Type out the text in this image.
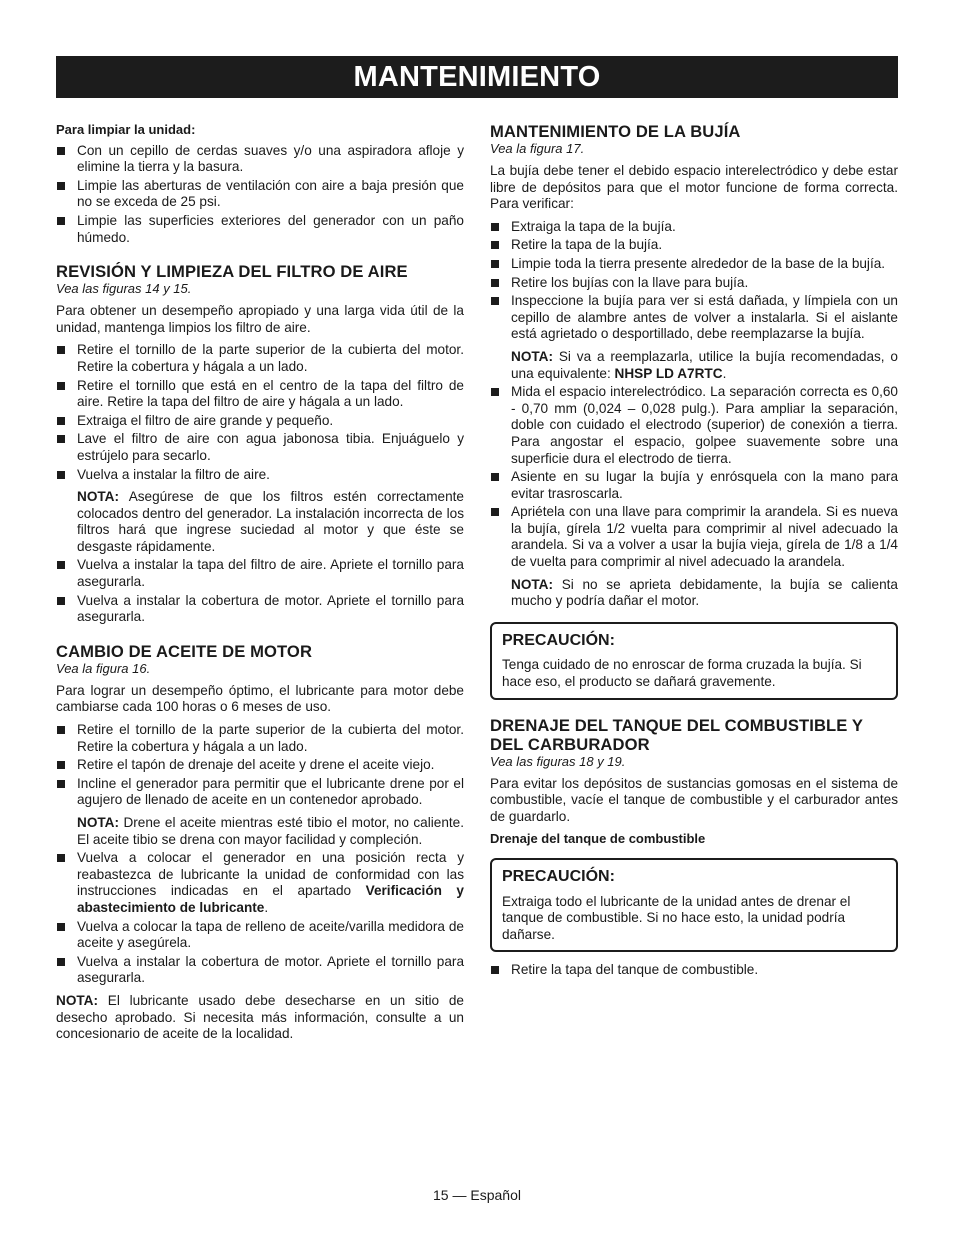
MANTENIMIENTO

Para limpiar la unidad:

Con un cepillo de cerdas suaves y/o una aspiradora afloje y elimine la tierra y la basura.
Limpie las aberturas de ventilación con aire a baja presión que no se exceda de 25 psi.
Limpie las superficies exteriores del generador con un paño húmedo.
REVISIÓN Y LIMPIEZA DEL FILTRO DE AIRE

Vea las figuras 14 y 15.

Para obtener un desempeño apropiado y una larga vida útil de la unidad, mantenga limpios los filtro de aire.

Retire el tornillo de la parte superior de la cubierta del motor. Retire la cobertura y hágala a un lado.
Retire el tornillo que está en el centro de la tapa del filtro de aire. Retire la tapa del filtro de aire y hágala a un lado.
Extraiga el filtro de aire grande y pequeño.
Lave el filtro de aire con agua jabonosa tibia. Enjuáguelo y estrújelo para secarlo.
Vuelva a instalar la filtro de aire.
NOTA: Asegúrese de que los filtros estén correctamente colocados dentro del generador. La instalación incorrecta de los filtros hará que ingrese suciedad al motor y que éste se desgaste rápidamente.
Vuelva a instalar la tapa del filtro de aire. Apriete el tornillo para asegurarla.
Vuelva a instalar la cobertura de motor. Apriete el tornillo para asegurarla.
CAMBIO DE ACEITE DE MOTOR

Vea la figura 16.

Para lograr un desempeño óptimo, el lubricante para motor debe cambiarse cada 100 horas o 6 meses de uso.

Retire el tornillo de la parte superior de la cubierta del motor. Retire la cobertura y hágala a un lado.
Retire el tapón de drenaje del aceite y drene el aceite viejo.
Incline el generador para permitir que el lubricante drene por el agujero de llenado de aceite en un contenedor aprobado.
NOTA: Drene el aceite mientras esté tibio el motor, no caliente. El aceite tibio se drena con mayor facilidad y compleción.
Vuelva a colocar el generador en una posición recta y reabastezca de lubricante la unidad de conformidad con las instrucciones indicadas en el apartado Verificación y abastecimiento de lubricante.
Vuelva a colocar la tapa de relleno de aceite/varilla medidora de aceite y asegúrela.
Vuelva a instalar la cobertura de motor. Apriete el tornillo para asegurarla.

NOTA: El lubricante usado debe desecharse en un sitio de desecho aprobado. Si necesita más información, consulte a un concesionario de aceite de la localidad.

MANTENIMIENTO DE LA BUJÍA

Vea la figura 17.

La bujía debe tener el debido espacio interelectródico y debe estar libre de depósitos para que el motor funcione de forma correcta. Para verificar:

Extraiga la tapa de la bujía.
Retire la tapa de la bujía.
Limpie toda la tierra presente alrededor de la base de la bujía.
Retire los bujías con la llave para bujía.
Inspeccione la bujía para ver si está dañada, y límpiela con un cepillo de alambre antes de volver a instalarla. Si el aislante está agrietado o desportillado, debe reemplazarse la bujía.
NOTA: Si va a reemplazarla, utilice la bujía recomendadas, o una equivalente: NHSP LD A7RTC.
Mida el espacio interelectródico. La separación correcta es 0,60 - 0,70 mm (0,024 – 0,028 pulg.). Para ampliar la separación, doble con cuidado el electrodo (superior) de conexión a tierra. Para angostar el espacio, golpee suavemente sobre una superficie dura el electrodo de tierra.
Asiente en su lugar la bujía y enrósquela con la mano para evitar trasroscarla.
Apriétela con una llave para comprimir la arandela. Si es nueva la bujía, gírela 1/2 vuelta para comprimir al nivel adecuado la arandela. Si va a volver a usar la bujía vieja, gírela de 1/8 a 1/4 de vuelta para comprimir al nivel adecuado la arandela.
NOTA: Si no se aprieta debidamente, la bujía se calienta mucho y podría dañar el motor.
PRECAUCIÓN:
Tenga cuidado de no enroscar de forma cruzada la bujía. Si hace eso, el producto se dañará gravemente.
DRENAJE DEL TANQUE DEL COMBUSTIBLE Y DEL CARBURADOR

Vea las figuras 18 y 19.

Para evitar los depósitos de sustancias gomosas en el sistema de combustible, vacíe el tanque de combustible y el carburador antes de guardarlo.

Drenaje del tanque de combustible

PRECAUCIÓN:
Extraiga todo el lubricante de la unidad antes de drenar el tanque de combustible. Si no hace esto, la unidad podría dañarse.
Retire la tapa del tanque de combustible.
15 — Español
